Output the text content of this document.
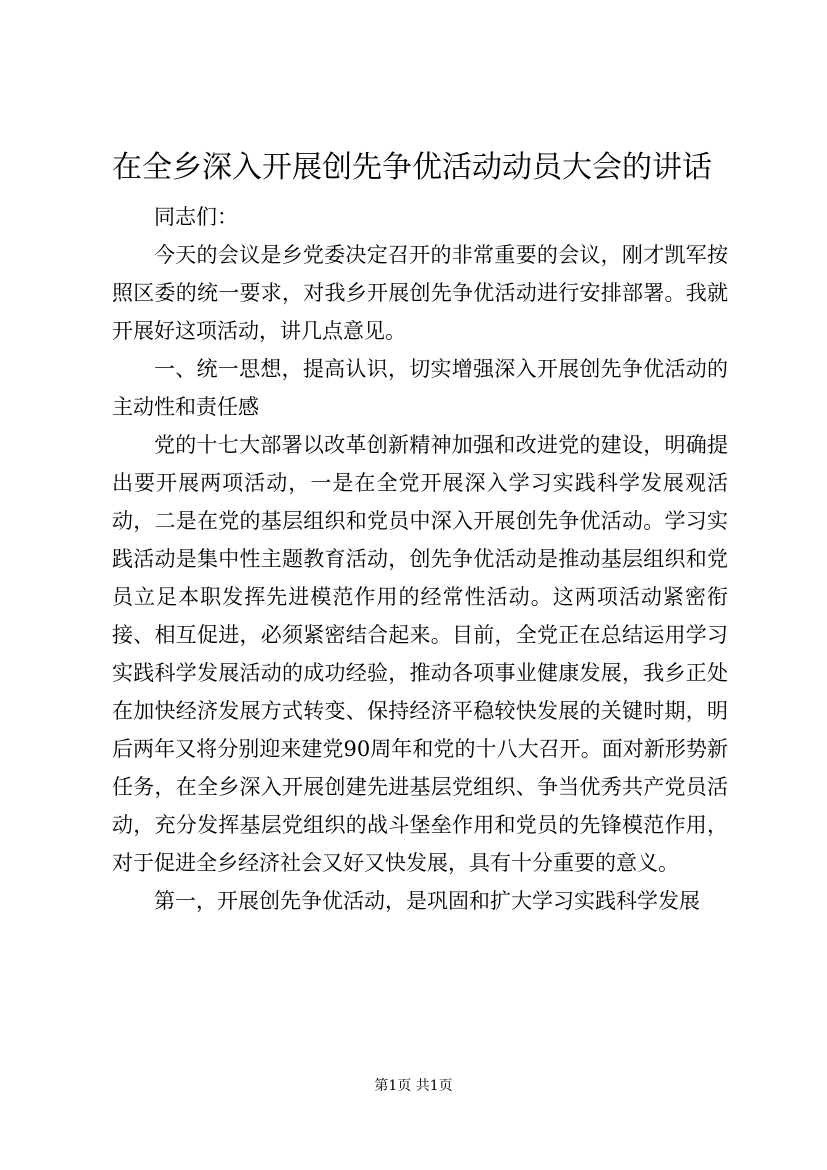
在全乡深入开展创先争优活动动员大会的讲话

同志们：

今天的会议是乡党委决定召开的非常重要的会议，刚才凯军按照区委的统一要求，对我乡开展创先争优活动进行安排部署。我就开展好这项活动，讲几点意见。

一、统一思想，提高认识，切实增强深入开展创先争优活动的主动性和责任感

党的十七大部署以改革创新精神加强和改进党的建设，明确提出要开展两项活动，一是在全党开展深入学习实践科学发展观活动，二是在党的基层组织和党员中深入开展创先争优活动。学习实践活动是集中性主题教育活动，创先争优活动是推动基层组织和党员立足本职发挥先进模范作用的经常性活动。这两项活动紧密衔接、相互促进，必须紧密结合起来。目前，全党正在总结运用学习实践科学发展活动的成功经验，推动各项事业健康发展，我乡正处在加快经济发展方式转变、保持经济平稳较快发展的关键时期，明后两年又将分别迎来建党90周年和党的十八大召开。面对新形势新任务，在全乡深入开展创建先进基层党组织、争当优秀共产党员活动，充分发挥基层党组织的战斗堡垒作用和党员的先锋模范作用，对于促进全乡经济社会又好又快发展，具有十分重要的意义。

第一，开展创先争优活动，是巩固和扩大学习实践科学发展

第1页 共1页
